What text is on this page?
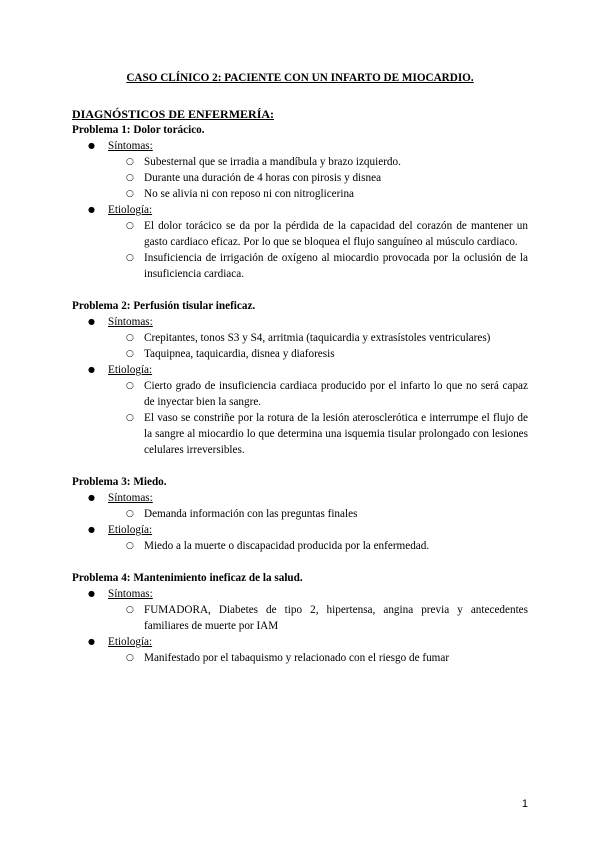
CASO CLÍNICO 2: PACIENTE CON UN INFARTO DE MIOCARDIO.
DIAGNÓSTICOS DE ENFERMERÍA:
Problema 1: Dolor torácico.
● Síntomas:
○ Subesternal que se irradia a mandíbula y brazo izquierdo.
○ Durante una duración de 4 horas con pirosis y disnea
○ No se alivia ni con reposo ni con nitroglicerina
● Etiología:
○ El dolor torácico se da por la pérdida de la capacidad del corazón de mantener un gasto cardiaco eficaz. Por lo que se bloquea el flujo sanguíneo al músculo cardiaco.
○ Insuficiencia de irrigación de oxígeno al miocardio provocada por la oclusión de la insuficiencia cardiaca.
Problema 2: Perfusión tisular ineficaz.
● Síntomas:
○ Crepitantes, tonos S3 y S4, arritmia (taquicardia y extrasístoles ventriculares)
○ Taquipnea, taquicardia, disnea y diaforesis
● Etiología:
○ Cierto grado de insuficiencia cardiaca producido por el infarto lo que no será capaz de inyectar bien la sangre.
○ El vaso se constriñe por la rotura de la lesión aterosclerótica e interrumpe el flujo de la sangre al miocardio lo que determina una isquemia tisular prolongado con lesiones celulares irreversibles.
Problema 3: Miedo.
● Síntomas:
○ Demanda información con las preguntas finales
● Etiología:
○ Miedo a la muerte o discapacidad producida por la enfermedad.
Problema 4: Mantenimiento ineficaz de la salud.
● Síntomas:
○ FUMADORA, Diabetes de tipo 2, hipertensa, angina previa y antecedentes familiares de muerte por IAM
● Etiología:
○ Manifestado por el tabaquismo y relacionado con el riesgo de fumar
1
